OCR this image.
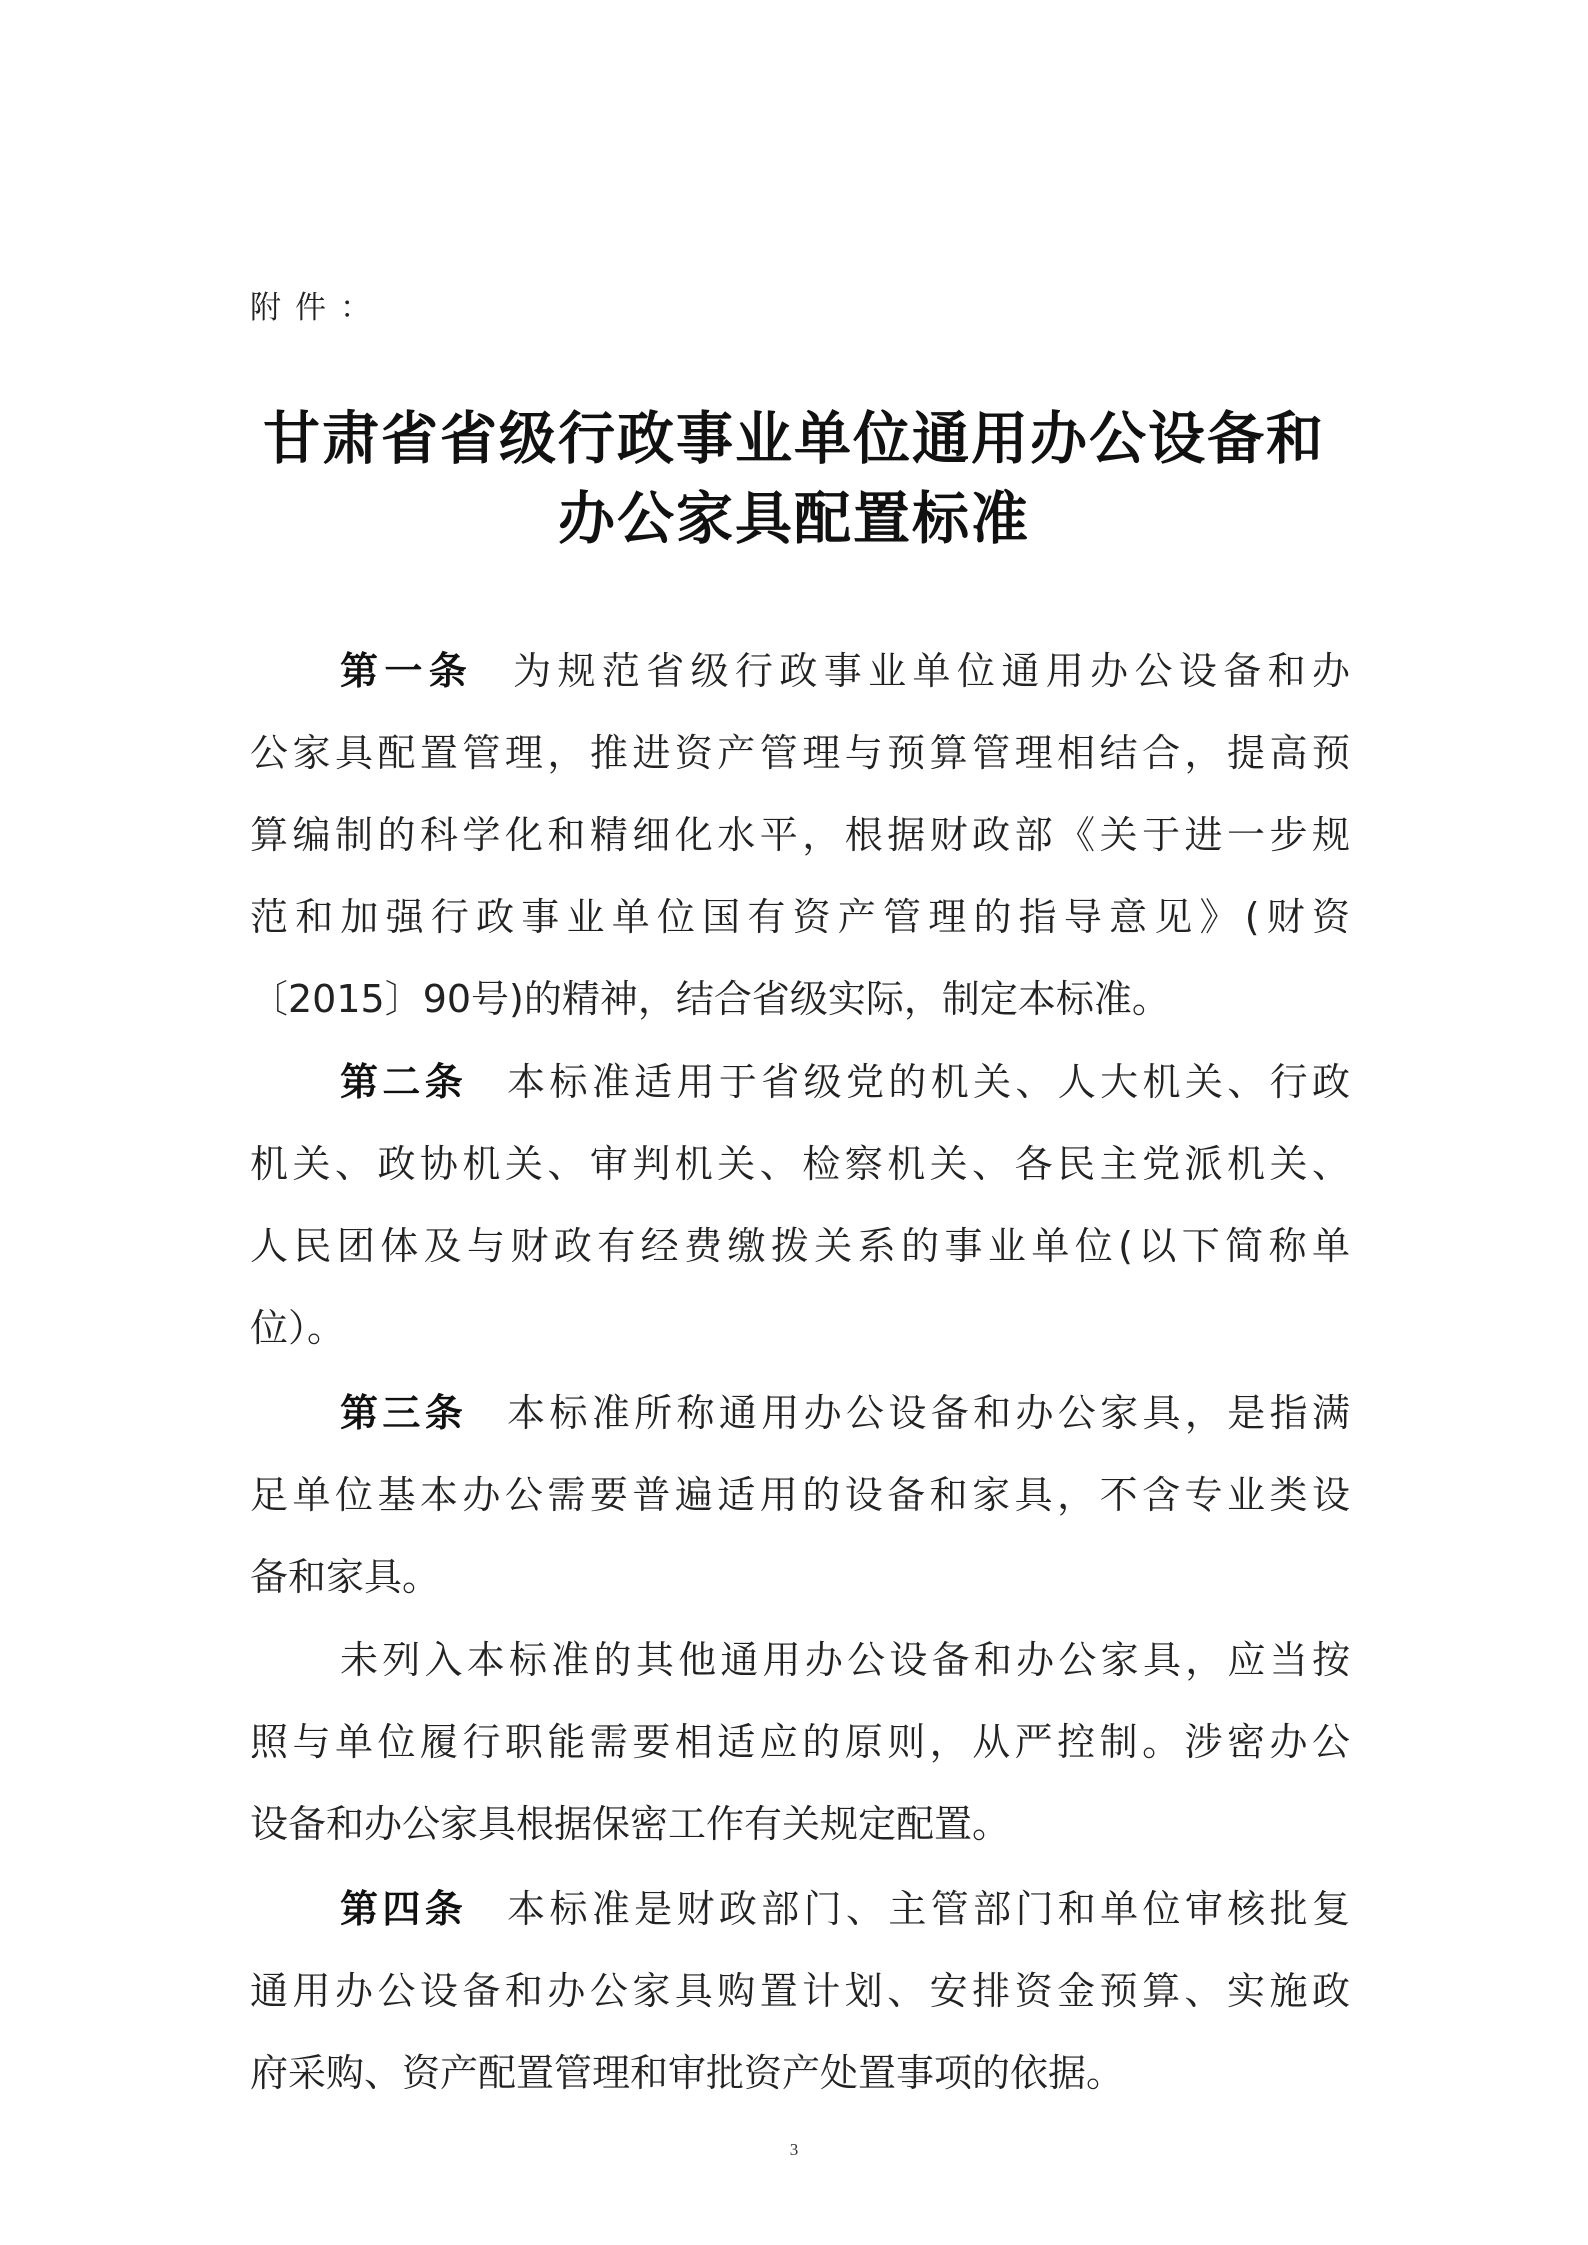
附件：
甘肃省省级行政事业单位通用办公设备和
办公家具配置标准
第一条 为规范省级行政事业单位通用办公设备和办
公家具配置管理，推进资产管理与预算管理相结合，提高预
算编制的科学化和精细化水平，根据财政部《关于进一步规
范和加强行政事业单位国有资产管理的指导意见》(财资
〔2015〕90号)的精神，结合省级实际，制定本标准。
第二条 本标准适用于省级党的机关、人大机关、行政
机关、政协机关、审判机关、检察机关、各民主党派机关、
人民团体及与财政有经费缴拨关系的事业单位(以下简称单
位）。
第三条 本标准所称通用办公设备和办公家具，是指满
足单位基本办公需要普遍适用的设备和家具，不含专业类设
备和家具。
未列入本标准的其他通用办公设备和办公家具，应当按
照与单位履行职能需要相适应的原则，从严控制。涉密办公
设备和办公家具根据保密工作有关规定配置。
第四条 本标准是财政部门、主管部门和单位审核批复
通用办公设备和办公家具购置计划、安排资金预算、实施政
府采购、资产配置管理和审批资产处置事项的依据。
3
